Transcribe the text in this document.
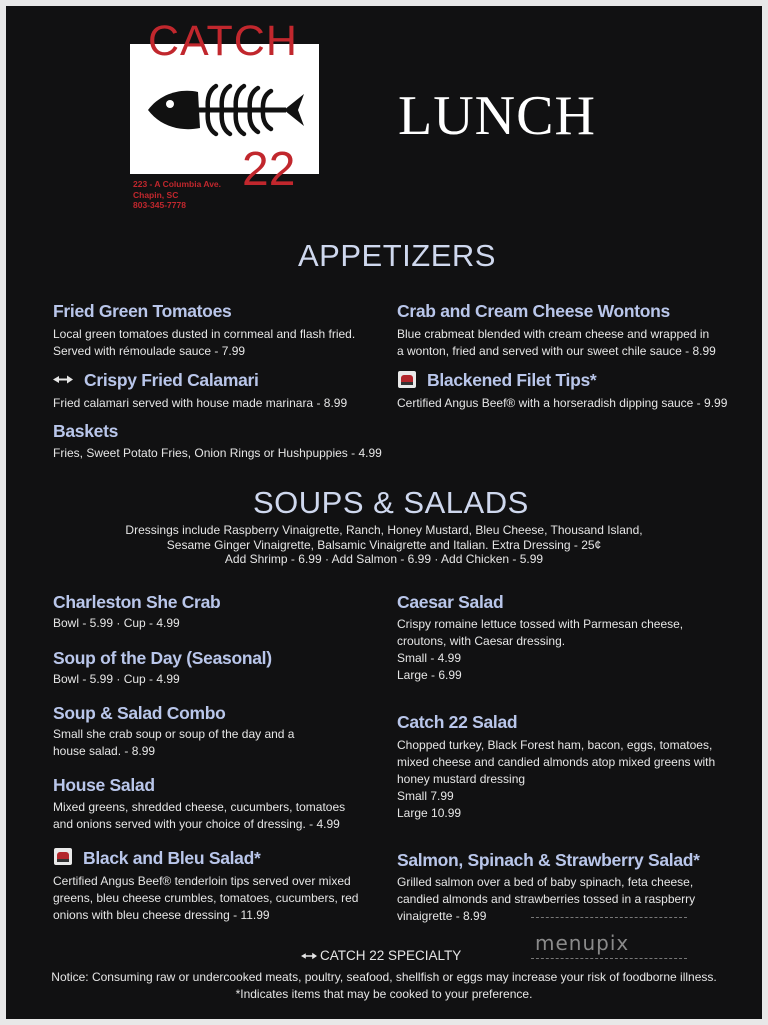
CATCH
22
223 - A Columbia Ave.
Chapin, SC
803-345-7778
LUNCH
APPETIZERS
Fried Green Tomatoes
Local green tomatoes dusted in cornmeal and flash fried.
Served with rémoulade sauce - 7.99
Crab and Cream Cheese Wontons
Blue crabmeat blended with cream cheese and wrapped in
a wonton, fried and served with our sweet chile sauce - 8.99
Crispy Fried Calamari
Fried calamari served with house made marinara - 8.99
Blackened Filet Tips*
Certified Angus Beef® with a horseradish dipping sauce - 9.99
Baskets
Fries, Sweet Potato Fries, Onion Rings or Hushpuppies - 4.99
SOUPS & SALADS
Dressings include Raspberry Vinaigrette, Ranch, Honey Mustard, Bleu Cheese, Thousand Island,
Sesame Ginger Vinaigrette, Balsamic Vinaigrette and Italian. Extra Dressing - 25¢
Add Shrimp - 6.99 · Add Salmon - 6.99 · Add Chicken - 5.99
Charleston She Crab
Bowl - 5.99 · Cup - 4.99
Soup of the Day (Seasonal)
Bowl - 5.99 · Cup - 4.99
Soup & Salad Combo
Small she crab soup or soup of the day and a
house salad. - 8.99
House Salad
Mixed greens, shredded cheese, cucumbers, tomatoes
and onions served with your choice of dressing. - 4.99
Black and Bleu Salad*
Certified Angus Beef® tenderloin tips served over mixed
greens, bleu cheese crumbles, tomatoes, cucumbers, red
onions with bleu cheese dressing - 11.99
Caesar Salad
Crispy romaine lettuce tossed with Parmesan cheese,
croutons, with Caesar dressing.
Small - 4.99
Large - 6.99
Catch 22 Salad
Chopped turkey, Black Forest ham, bacon, eggs, tomatoes,
mixed cheese and candied almonds atop mixed greens with
honey mustard dressing
Small 7.99
Large 10.99
Salmon, Spinach & Strawberry Salad*
Grilled salmon over a bed of baby spinach, feta cheese,
candied almonds and strawberries tossed in a raspberry
vinaigrette - 8.99
menupix
CATCH 22 SPECIALTY
Notice: Consuming raw or undercooked meats, poultry, seafood, shellfish or eggs may increase your risk of foodborne illness.
*Indicates items that may be cooked to your preference.
